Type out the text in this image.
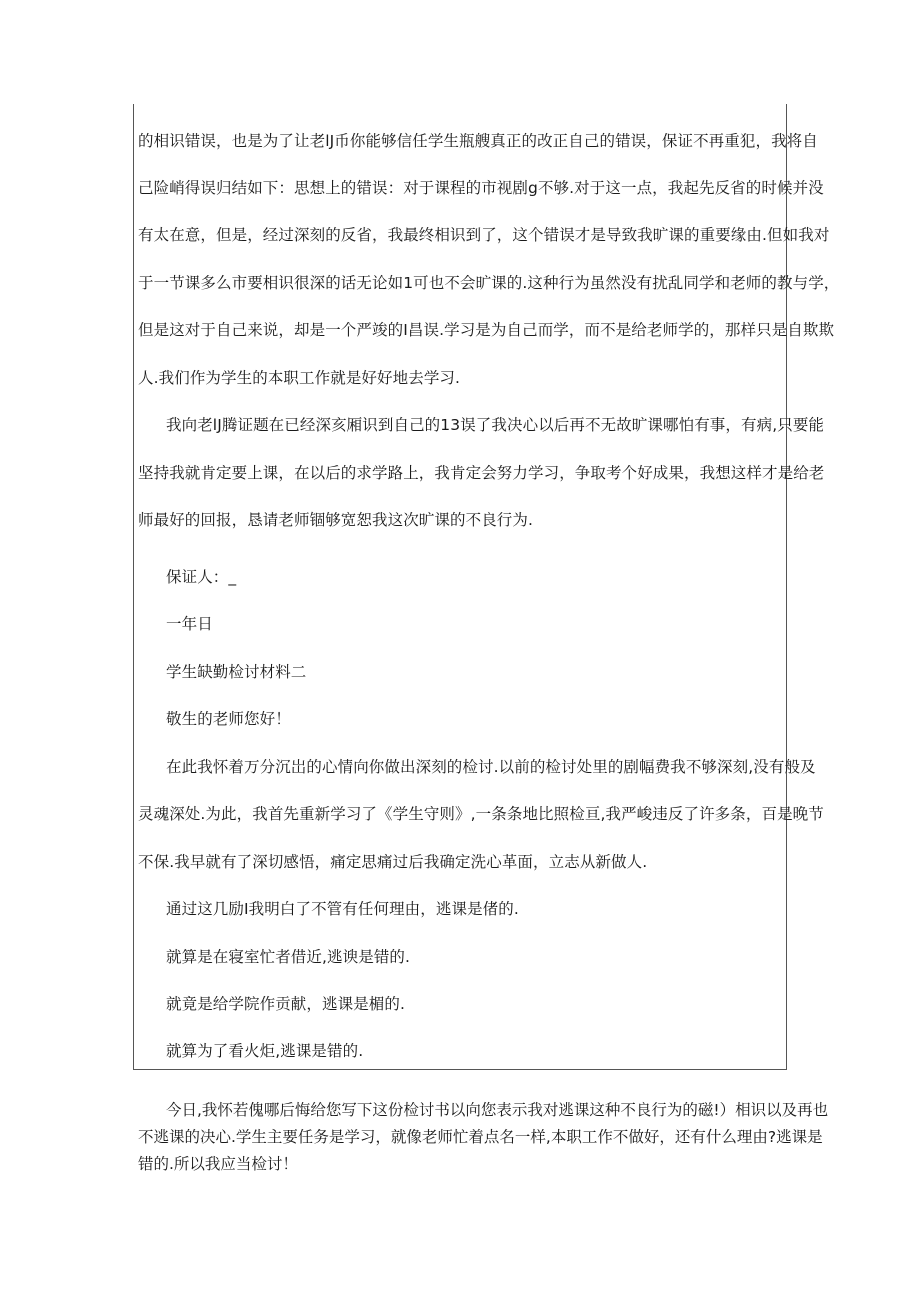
的相识错误，也是为了让老lJ币你能够信任学生瓶艘真正的改正自己的错误，保证不再重犯，我将自
己险峭得误归结如下：思想上的错误：对于课程的市视剧g不够.对于这一点，我起先反省的时候并没
有太在意，但是，经过深刻的反省，我最终相识到了，这个错误才是导致我旷课的重要缘由.但如我对
于一节课多么市要相识很深的话无论如1可也不会旷课的.这种行为虽然没有扰乱同学和老师的教与学，
但是这对于自己来说，却是一个严竣的I昌误.学习是为自己而学，而不是给老师学的，那样只是自欺欺
人.我们作为学生的本职工作就是好好地去学习.
我向老lJ腾证题在已经深亥厢识到自己的13误了我决心以后再不无故旷课哪怕有事，有病,只要能
坚持我就肯定要上课，在以后的求学路上，我肯定会努力学习，争取考个好成果，我想这样才是给老
师最好的回报，恳请老师锢够宽恕我这次旷课的不良行为.
保证人：_
一年日
学生缺勤检讨材料二
敬生的老师您好！
在此我怀着万分沉岀的心情向你做出深刻的检讨.以前的检讨处里的剧幅费我不够深刻,没有般及
灵魂深处.为此，我首先重新学习了《学生守则》,一条条地比照检亘,我严峻违反了许多条，百是晚节
不保.我早就有了深切感悟，痛定思痛过后我确定洗心革面，立志从新做人.
通过这几励I我明白了不管有任何理由，逃课是偖的.
就算是在寝室忙者借近,逃谀是错的.
就竟是给学院作贡献，逃课是楣的.
就算为了看火炬,逃课是错的.
今日,我怀若傀哪后悔给您写下这份检讨书以向您表示我对逃课这种不良行为的磁!）相识以及再也
不逃课的决心.学生主要任务是学习，就像老师忙着点名一样,本职工作不做好，还有什么理由?逃课是
错的.所以我应当检讨！
